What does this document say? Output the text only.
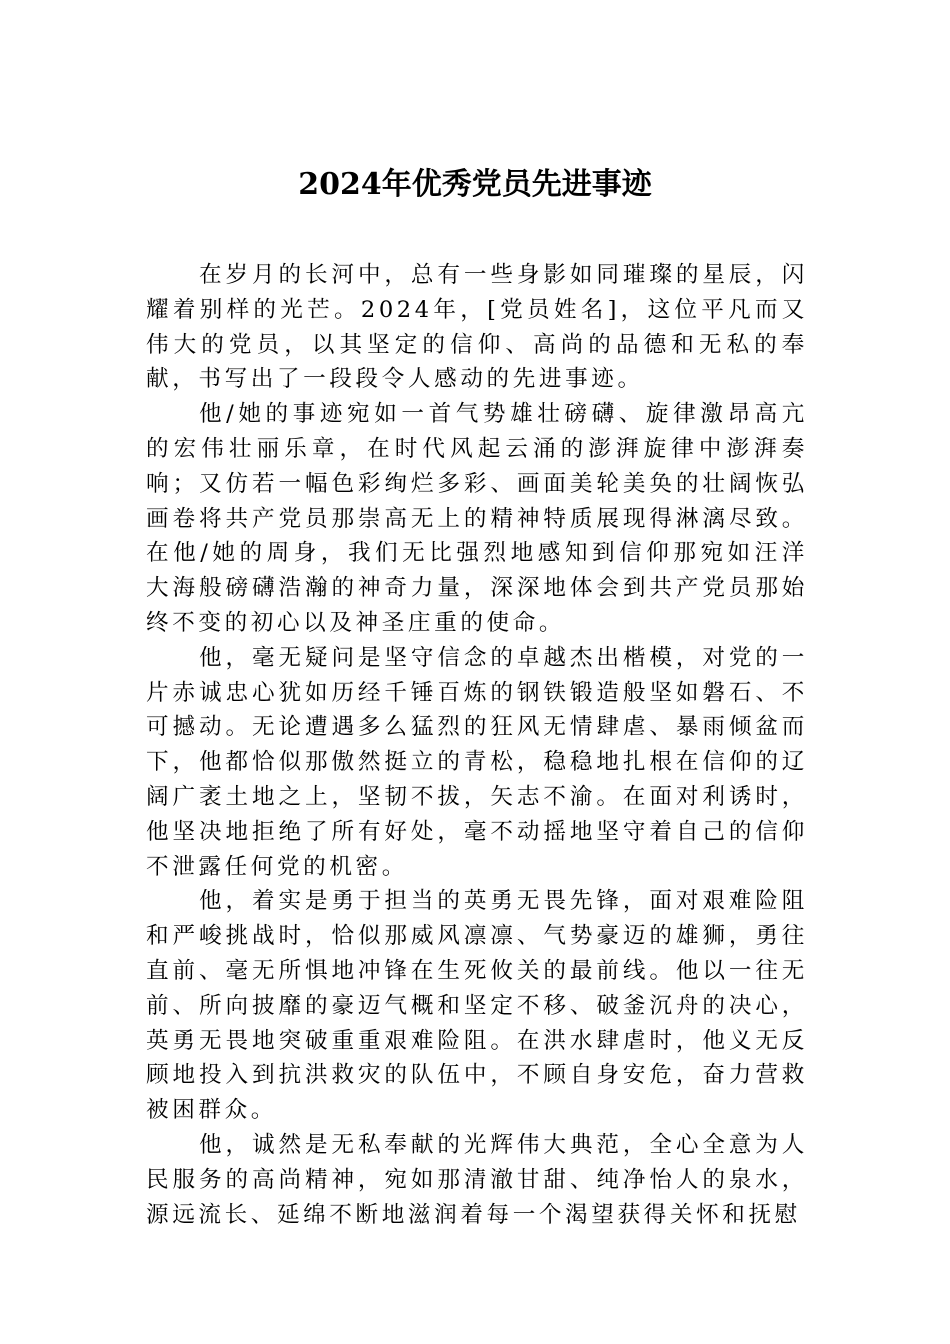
2024年优秀党员先进事迹

在岁月的长河中，总有一些身影如同璀璨的星辰，闪耀着别样的光芒。2024年，[党员姓名]，这位平凡而又伟大的党员，以其坚定的信仰、高尚的品德和无私的奉献，书写出了一段段令人感动的先进事迹。

他/她的事迹宛如一首气势雄壮磅礴、旋律激昂高亢的宏伟壮丽乐章，在时代风起云涌的澎湃旋律中澎湃奏响；又仿若一幅色彩绚烂多彩、画面美轮美奂的壮阔恢弘画卷将共产党员那崇高无上的精神特质展现得淋漓尽致。在他/她的周身，我们无比强烈地感知到信仰那宛如汪洋大海般磅礴浩瀚的神奇力量，深深地体会到共产党员那始终不变的初心以及神圣庄重的使命。

他，毫无疑问是坚守信念的卓越杰出楷模，对党的一片赤诚忠心犹如历经千锤百炼的钢铁锻造般坚如磐石、不可撼动。无论遭遇多么猛烈的狂风无情肆虐、暴雨倾盆而下，他都恰似那傲然挺立的青松，稳稳地扎根在信仰的辽阔广袤土地之上，坚韧不拔，矢志不渝。在面对利诱时，他坚决地拒绝了所有好处，毫不动摇地坚守着自己的信仰不泄露任何党的机密。

他，着实是勇于担当的英勇无畏先锋，面对艰难险阻和严峻挑战时，恰似那威风凛凛、气势豪迈的雄狮，勇往直前、毫无所惧地冲锋在生死攸关的最前线。他以一往无前、所向披靡的豪迈气概和坚定不移、破釜沉舟的决心，英勇无畏地突破重重艰难险阻。在洪水肆虐时，他义无反顾地投入到抗洪救灾的队伍中，不顾自身安危，奋力营救被困群众。

他，诚然是无私奉献的光辉伟大典范，全心全意为人民服务的高尚精神，宛如那清澈甘甜、纯净怡人的泉水，源远流长、延绵不断地滋润着每一个渴望获得关怀和抚慰
